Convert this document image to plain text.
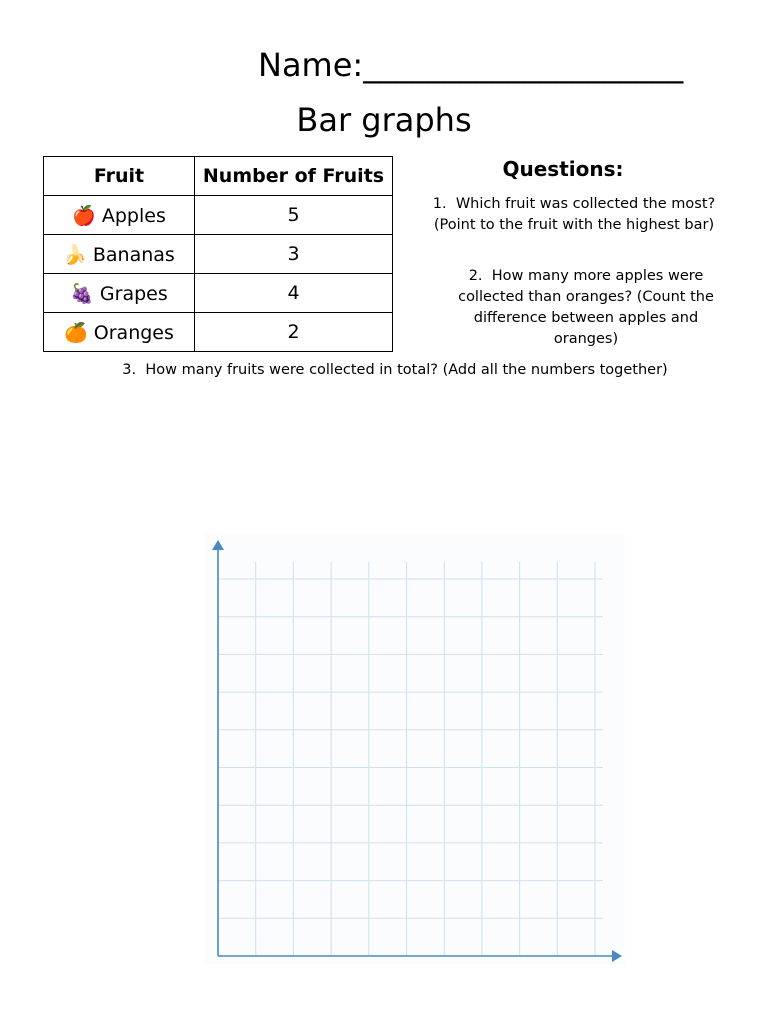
Name:____________________
Bar graphs
Fruit	Number of Fruits
🍎 Apples	5
🍌 Bananas	3
🍇 Grapes	4
🍊 Oranges	2
Questions:
1. Which fruit was collected the most? (Point to the fruit with the highest bar)
2. How many more apples were collected than oranges? (Count the difference between apples and oranges)
3. How many fruits were collected in total? (Add all the numbers together)
